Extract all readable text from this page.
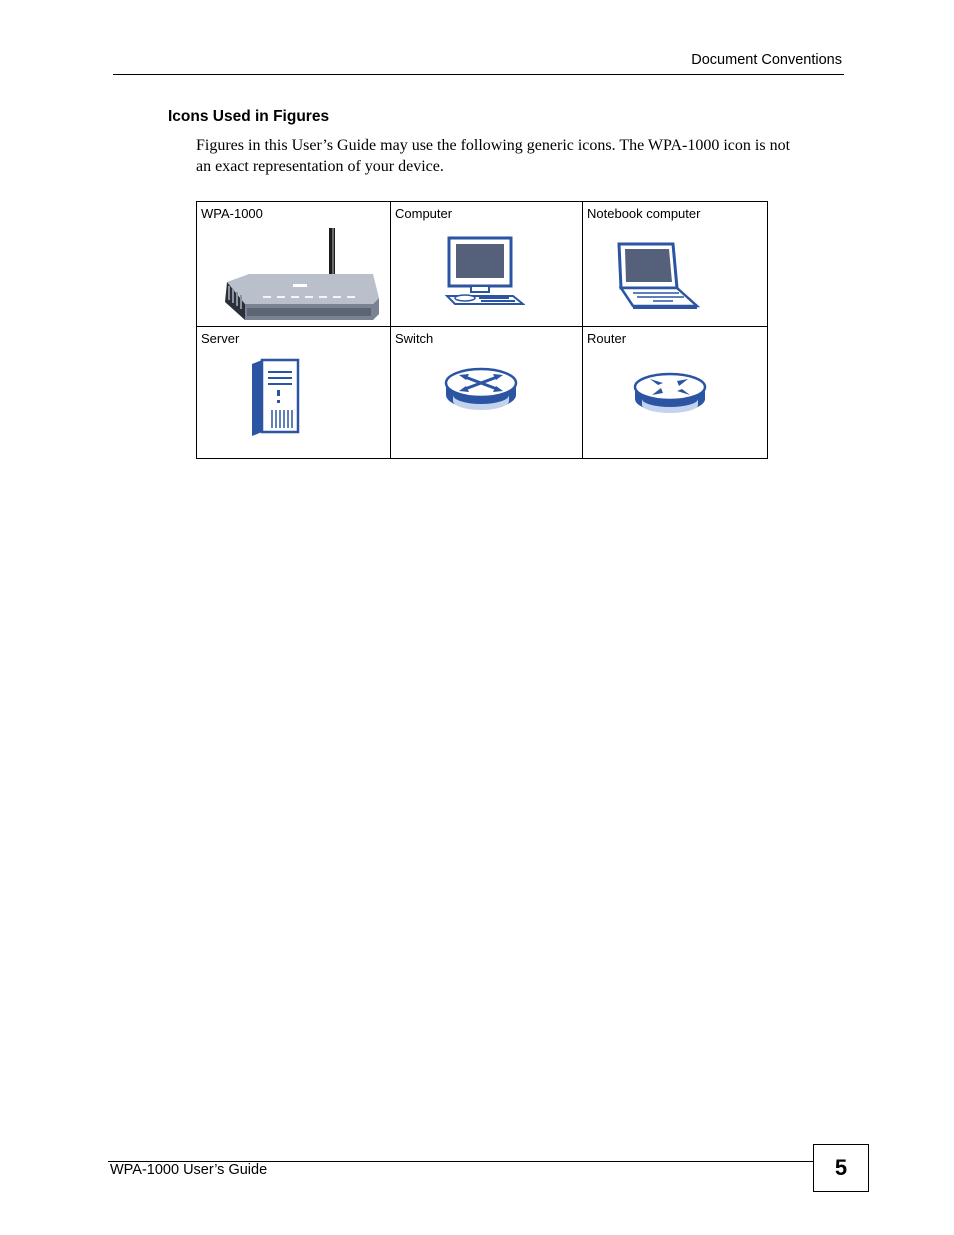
Document Conventions
Icons Used in Figures
Figures in this User’s Guide may use the following generic icons. The WPA-1000 icon is not
an exact representation of your device.
WPA-1000	Computer	Notebook computer

Server	Switch	Router
WPA-1000 User’s Guide	5
